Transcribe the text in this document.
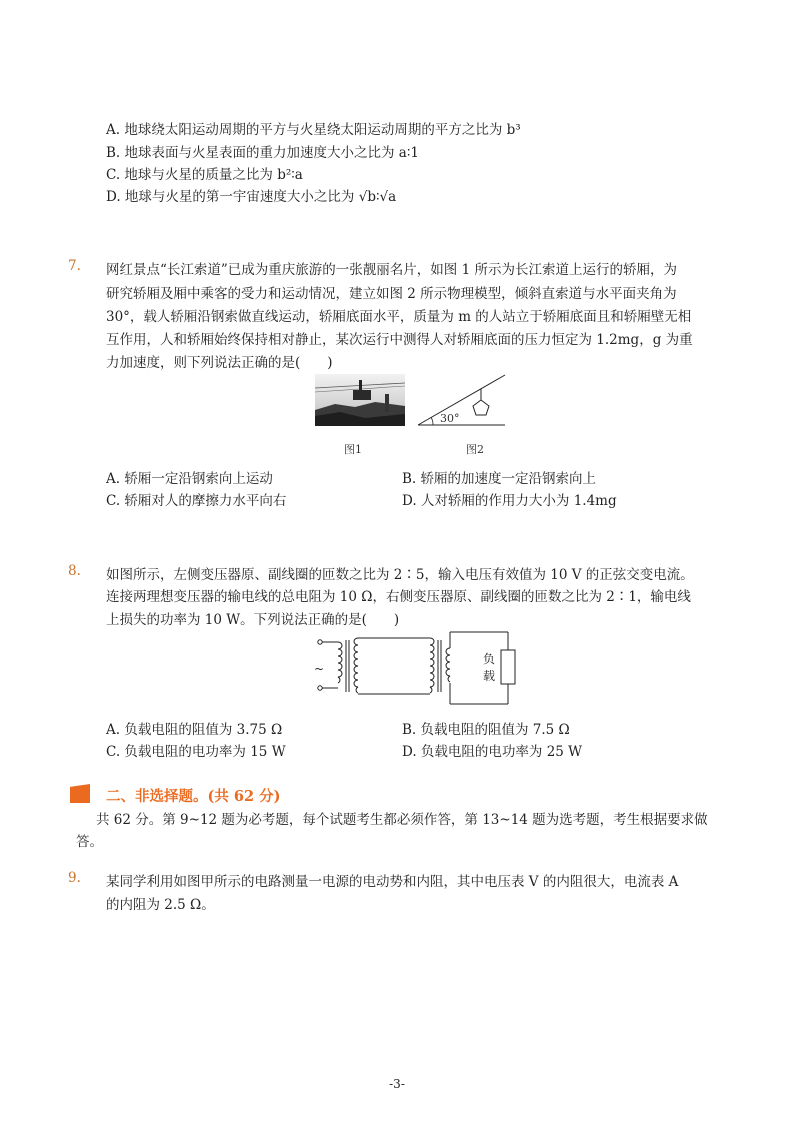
A. 地球绕太阳运动周期的平方与火星绕太阳运动周期的平方之比为 b³
B. 地球表面与火星表面的重力加速度大小之比为 a∶1
C. 地球与火星的质量之比为 b²∶a
D. 地球与火星的第一宇宙速度大小之比为 √b∶√a
7. 网红景点“长江索道”已成为重庆旅游的一张靓丽名片，如图 1 所示为长江索道上运行的轿厢，为
研究轿厢及厢中乘客的受力和运动情况，建立如图 2 所示物理模型，倾斜直索道与水平面夹角为
30°，载人轿厢沿钢索做直线运动，轿厢底面水平，质量为 m 的人站立于轿厢底面且和轿厢壁无相
互作用，人和轿厢始终保持相对静止，某次运行中测得人对轿厢底面的压力恒定为 1.2mg，g 为重
力加速度，则下列说法正确的是(　　)
图1
30°
图2
A. 轿厢一定沿钢索向上运动	B. 轿厢的加速度一定沿钢索向上
C. 轿厢对人的摩擦力水平向右	D. 人对轿厢的作用力大小为 1.4mg
8. 如图所示，左侧变压器原、副线圈的匝数之比为 2∶5，输入电压有效值为 10 V 的正弦交变电流。
连接两理想变压器的输电线的总电阻为 10 Ω，右侧变压器原、副线圈的匝数之比为 2∶1，输电线
上损失的功率为 10 W。下列说法正确的是(　　)
~
负
载
A. 负载电阻的阻值为 3.75 Ω	B. 负载电阻的阻值为 7.5 Ω
C. 负载电阻的电功率为 15 W	D. 负载电阻的电功率为 25 W
二、非选择题。(共 62 分)
共 62 分。第 9~12 题为必考题，每个试题考生都必须作答，第 13~14 题为选考题，考生根据要求做
答。
9. 某同学利用如图甲所示的电路测量一电源的电动势和内阻，其中电压表 V 的内阻很大，电流表 A
的内阻为 2.5 Ω。
-3-
